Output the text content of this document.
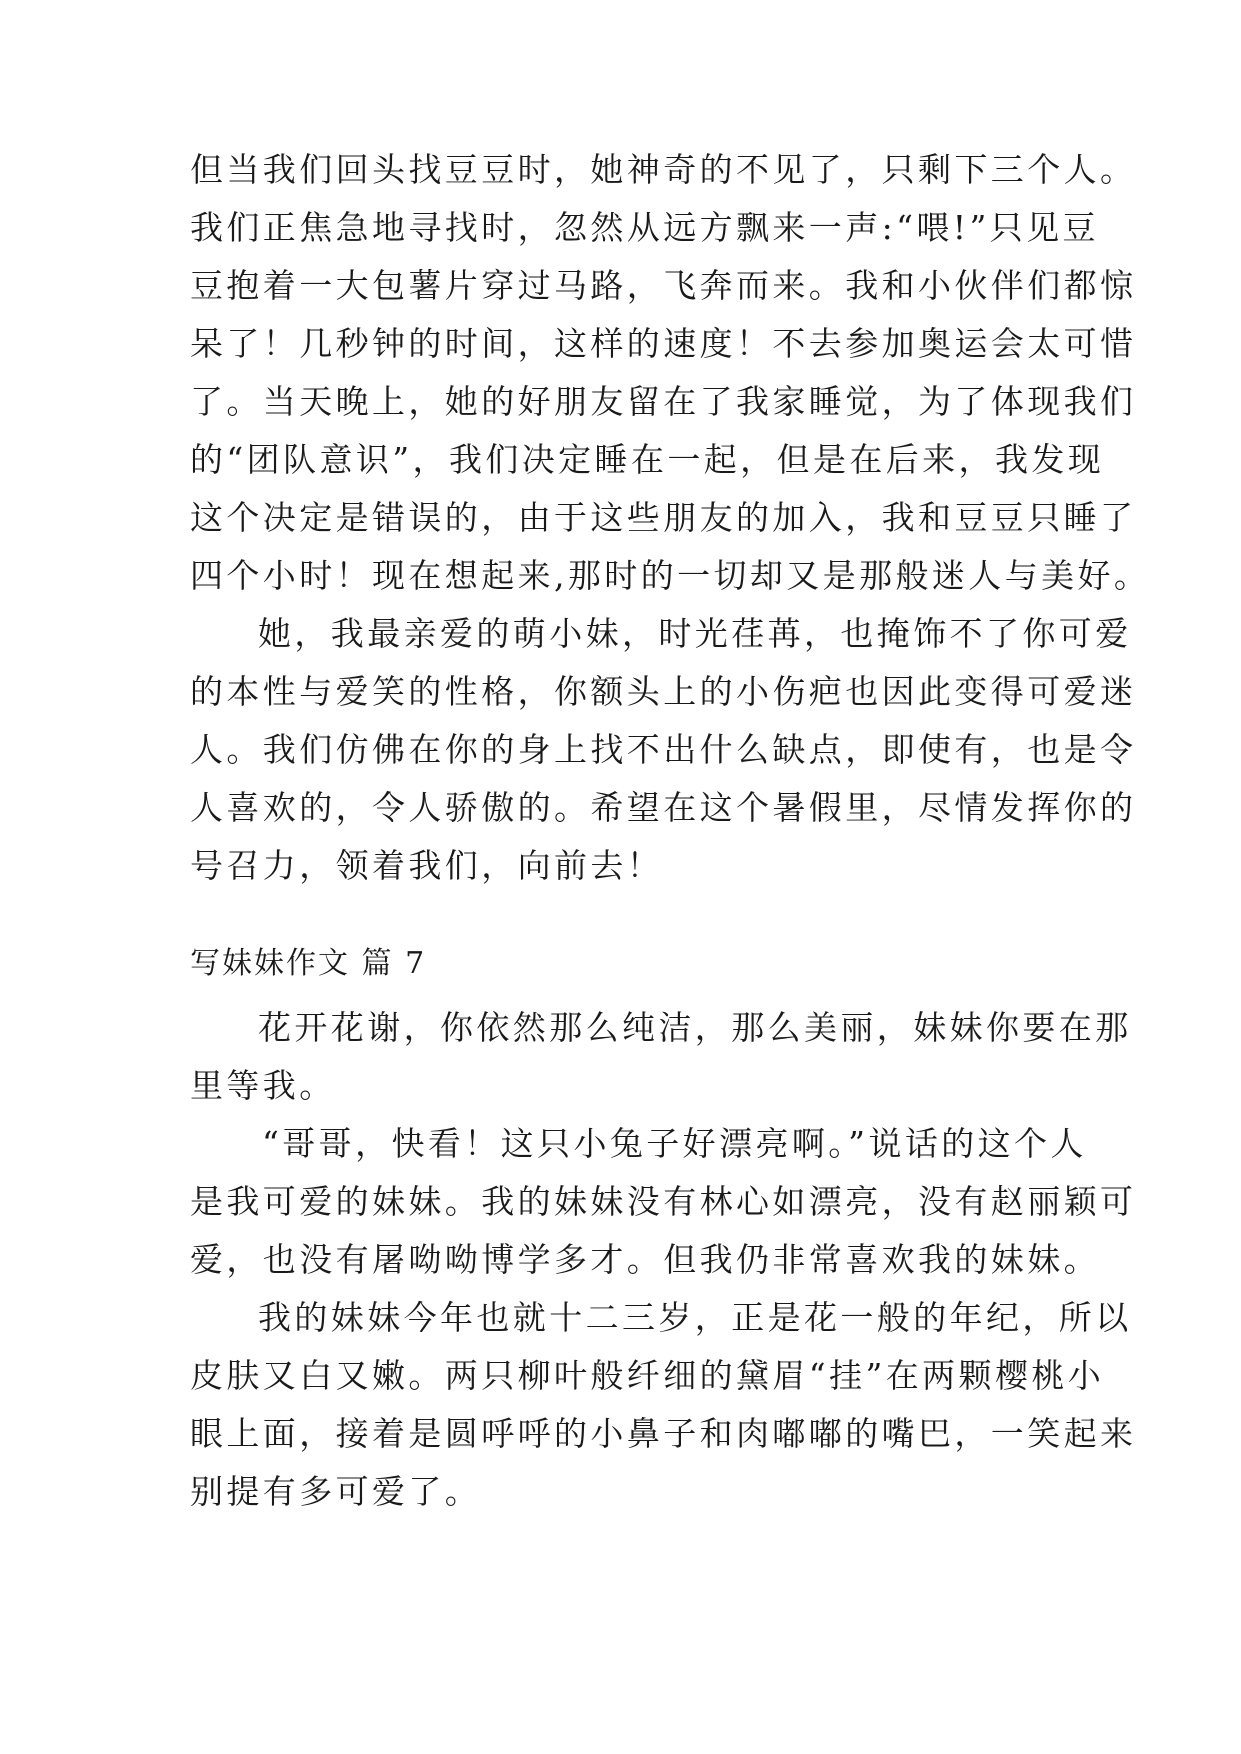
但当我们回头找豆豆时，她神奇的不见了，只剩下三个人。
我们正焦急地寻找时，忽然从远方飘来一声:“喂!”只见豆
豆抱着一大包薯片穿过马路，飞奔而来。我和小伙伴们都惊
呆了！几秒钟的时间，这样的速度！不去参加奥运会太可惜
了。当天晚上，她的好朋友留在了我家睡觉，为了体现我们
的“团队意识”，我们决定睡在一起，但是在后来，我发现
这个决定是错误的，由于这些朋友的加入，我和豆豆只睡了
四个小时！现在想起来,那时的一切却又是那般迷人与美好。
她，我最亲爱的萌小妹，时光荏苒，也掩饰不了你可爱
的本性与爱笑的性格，你额头上的小伤疤也因此变得可爱迷
人。我们仿佛在你的身上找不出什么缺点，即使有，也是令
人喜欢的，令人骄傲的。希望在这个暑假里，尽情发挥你的
号召力，领着我们，向前去！
写妹妹作文 篇 7
花开花谢，你依然那么纯洁，那么美丽，妹妹你要在那
里等我。
“哥哥，快看！这只小兔子好漂亮啊。”说话的这个人
是我可爱的妹妹。我的妹妹没有林心如漂亮，没有赵丽颖可
爱，也没有屠呦呦博学多才。但我仍非常喜欢我的妹妹。
我的妹妹今年也就十二三岁，正是花一般的年纪，所以
皮肤又白又嫩。两只柳叶般纤细的黛眉“挂”在两颗樱桃小
眼上面，接着是圆呼呼的小鼻子和肉嘟嘟的嘴巴，一笑起来
别提有多可爱了。
